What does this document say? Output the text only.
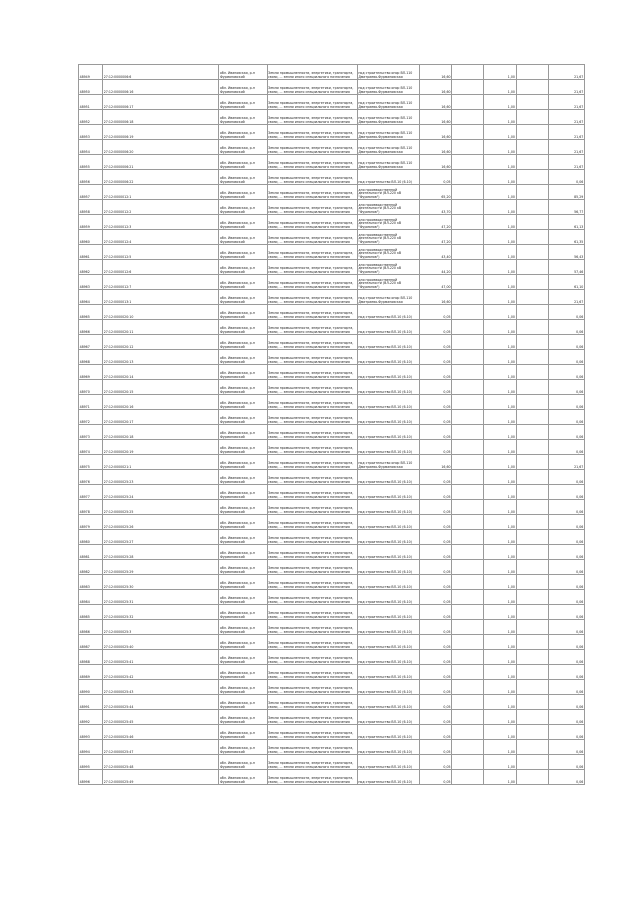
48949	27:12:0000006:6	обл. Ивановская, р-н Фурмановский	Земли промышленности, энергетики, транспорта, связи, ... земли иного специального назначения	под строительство опор ВЛ-110 Дмитриево-Фурмановская	16,60		1,00		21,67
48950	27:12:0000006:16	обл. Ивановская, р-н Фурмановский	Земли промышленности, энергетики, транспорта, связи, ... земли иного специального назначения	под строительство опор ВЛ-110 Дмитриево-Фурмановская	16,60		1,00		21,67
48951	27:12:0000006:17	обл. Ивановская, р-н Фурмановский	Земли промышленности, энергетики, транспорта, связи, ... земли иного специального назначения	под строительство опор ВЛ-110 Дмитриево-Фурмановская	16,60		1,00		21,67
48952	27:12:0000006:18	обл. Ивановская, р-н Фурмановский	Земли промышленности, энергетики, транспорта, связи, ... земли иного специального назначения	под строительство опор ВЛ-110 Дмитриево-Фурмановская	16,60		1,00		21,67
48953	27:12:0000006:19	обл. Ивановская, р-н Фурмановский	Земли промышленности, энергетики, транспорта, связи, ... земли иного специального назначения	под строительство опор ВЛ-110 Дмитриево-Фурмановская	16,60		1,00		21,67
48954	27:12:0000006:20	обл. Ивановская, р-н Фурмановский	Земли промышленности, энергетики, транспорта, связи, ... земли иного специального назначения	под строительство опор ВЛ-110 Дмитриево-Фурмановская	16,60		1,00		21,67
48955	27:12:0000006:21	обл. Ивановская, р-н Фурмановский	Земли промышленности, энергетики, транспорта, связи, ... земли иного специального назначения	под строительство опор ВЛ-110 Дмитриево-Фурмановская	16,60		1,00		21,67
48956	27:12:0000006:22	обл. Ивановская, р-н Фурмановский	Земли промышленности, энергетики, транспорта, связи, ... земли иного специального назначения	под строительство ВЛ-10 (6-10)	0,05		1,00		0,06
48957	27:12:0000012:1	обл. Ивановская, р-н Фурмановский	Земли промышленности, энергетики, транспорта, связи, ... земли иного специального назначения	для производственной деятельности (ВЛ-220 кВ "Фурманов")	65,20		1,00		85,29
48958	27:12:0000012:2	обл. Ивановская, р-н Фурмановский	Земли промышленности, энергетики, транспорта, связи, ... земли иного специального назначения	для производственной деятельности (ВЛ-220 кВ "Фурманов")	43,70		1,00		56,77
48959	27:12:0000012:3	обл. Ивановская, р-н Фурмановский	Земли промышленности, энергетики, транспорта, связи, ... земли иного специального назначения	для производственной деятельности (ВЛ-220 кВ "Фурманов")	47,20		1,00		61,13
48960	27:12:0000012:4	обл. Ивановская, р-н Фурмановский	Земли промышленности, энергетики, транспорта, связи, ... земли иного специального назначения	для производственной деятельности (ВЛ-220 кВ "Фурманов")	47,20		1,00		61,35
48961	27:12:0000012:5	обл. Ивановская, р-н Фурмановский	Земли промышленности, энергетики, транспорта, связи, ... земли иного специального назначения	для производственной деятельности (ВЛ-220 кВ "Фурманов")	43,40		1,00		56,43
48962	27:12:0000012:6	обл. Ивановская, р-н Фурмановский	Земли промышленности, энергетики, транспорта, связи, ... земли иного специального назначения	для производственной деятельности (ВЛ-220 кВ "Фурманов")	44,20		1,00		57,46
48963	27:12:0000012:7	обл. Ивановская, р-н Фурмановский	Земли промышленности, энергетики, транспорта, связи, ... земли иного специального назначения	для производственной деятельности (ВЛ-220 кВ "Фурманов")	47,00		1,00		61,10
48964	27:12:0000013:1	обл. Ивановская, р-н Фурмановский	Земли промышленности, энергетики, транспорта, связи, ... земли иного специального назначения	под строительство опор ВЛ-110 Дмитриево-Фурмановская	16,60		1,00		21,67
48965	27:12:0000020:10	обл. Ивановская, р-н Фурмановский	Земли промышленности, энергетики, транспорта, связи, ... земли иного специального назначения	под строительство ВЛ-10 (6-10)	0,05		1,00		0,06
48966	27:12:0000020:11	обл. Ивановская, р-н Фурмановский	Земли промышленности, энергетики, транспорта, связи, ... земли иного специального назначения	под строительство ВЛ-10 (6-10)	0,05		1,00		0,06
48967	27:12:0000020:12	обл. Ивановская, р-н Фурмановский	Земли промышленности, энергетики, транспорта, связи, ... земли иного специального назначения	под строительство ВЛ-10 (6-10)	0,05		1,00		0,06
48968	27:12:0000020:13	обл. Ивановская, р-н Фурмановский	Земли промышленности, энергетики, транспорта, связи, ... земли иного специального назначения	под строительство ВЛ-10 (6-10)	0,05		1,00		0,06
48969	27:12:0000020:14	обл. Ивановская, р-н Фурмановский	Земли промышленности, энергетики, транспорта, связи, ... земли иного специального назначения	под строительство ВЛ-10 (6-10)	0,05		1,00		0,06
48970	27:12:0000020:15	обл. Ивановская, р-н Фурмановский	Земли промышленности, энергетики, транспорта, связи, ... земли иного специального назначения	под строительство ВЛ-10 (6-10)	0,05		1,00		0,06
48971	27:12:0000020:16	обл. Ивановская, р-н Фурмановский	Земли промышленности, энергетики, транспорта, связи, ... земли иного специального назначения	под строительство ВЛ-10 (6-10)	0,05		1,00		0,06
48972	27:12:0000020:17	обл. Ивановская, р-н Фурмановский	Земли промышленности, энергетики, транспорта, связи, ... земли иного специального назначения	под строительство ВЛ-10 (6-10)	0,05		1,00		0,06
48973	27:12:0000020:18	обл. Ивановская, р-н Фурмановский	Земли промышленности, энергетики, транспорта, связи, ... земли иного специального назначения	под строительство ВЛ-10 (6-10)	0,05		1,00		0,06
48974	27:12:0000020:19	обл. Ивановская, р-н Фурмановский	Земли промышленности, энергетики, транспорта, связи, ... земли иного специального назначения	под строительство ВЛ-10 (6-10)	0,05		1,00		0,06
48975	27:12:0000021:1	обл. Ивановская, р-н Фурмановский	Земли промышленности, энергетики, транспорта, связи, ... земли иного специального назначения	под строительство опор ВЛ-110 Дмитриево-Фурмановская	16,60		1,00		21,67
48976	27:12:0000025:23	обл. Ивановская, р-н Фурмановский	Земли промышленности, энергетики, транспорта, связи, ... земли иного специального назначения	под строительство ВЛ-10 (6-10)	0,05		1,00		0,06
48977	27:12:0000025:24	обл. Ивановская, р-н Фурмановский	Земли промышленности, энергетики, транспорта, связи, ... земли иного специального назначения	под строительство ВЛ-10 (6-10)	0,05		1,00		0,06
48978	27:12:0000025:25	обл. Ивановская, р-н Фурмановский	Земли промышленности, энергетики, транспорта, связи, ... земли иного специального назначения	под строительство ВЛ-10 (6-10)	0,05		1,00		0,06
48979	27:12:0000025:26	обл. Ивановская, р-н Фурмановский	Земли промышленности, энергетики, транспорта, связи, ... земли иного специального назначения	под строительство ВЛ-10 (6-10)	0,05		1,00		0,06
48980	27:12:0000025:27	обл. Ивановская, р-н Фурмановский	Земли промышленности, энергетики, транспорта, связи, ... земли иного специального назначения	под строительство ВЛ-10 (6-10)	0,05		1,00		0,06
48981	27:12:0000025:28	обл. Ивановская, р-н Фурмановский	Земли промышленности, энергетики, транспорта, связи, ... земли иного специального назначения	под строительство ВЛ-10 (6-10)	0,05		1,00		0,06
48982	27:12:0000025:29	обл. Ивановская, р-н Фурмановский	Земли промышленности, энергетики, транспорта, связи, ... земли иного специального назначения	под строительство ВЛ-10 (6-10)	0,05		1,00		0,06
48983	27:12:0000025:30	обл. Ивановская, р-н Фурмановский	Земли промышленности, энергетики, транспорта, связи, ... земли иного специального назначения	под строительство ВЛ-10 (6-10)	0,05		1,00		0,06
48984	27:12:0000025:31	обл. Ивановская, р-н Фурмановский	Земли промышленности, энергетики, транспорта, связи, ... земли иного специального назначения	под строительство ВЛ-10 (6-10)	0,05		1,00		0,06
48985	27:12:0000025:32	обл. Ивановская, р-н Фурмановский	Земли промышленности, энергетики, транспорта, связи, ... земли иного специального назначения	под строительство ВЛ-10 (6-10)	0,05		1,00		0,06
48986	27:12:0000025:3	обл. Ивановская, р-н Фурмановский	Земли промышленности, энергетики, транспорта, связи, ... земли иного специального назначения	под строительство ВЛ-10 (6-10)	0,05		1,00		0,06
48987	27:12:0000025:40	обл. Ивановская, р-н Фурмановский	Земли промышленности, энергетики, транспорта, связи, ... земли иного специального назначения	под строительство ВЛ-10 (6-10)	0,05		1,00		0,06
48988	27:12:0000025:41	обл. Ивановская, р-н Фурмановский	Земли промышленности, энергетики, транспорта, связи, ... земли иного специального назначения	под строительство ВЛ-10 (6-10)	0,05		1,00		0,06
48989	27:12:0000025:42	обл. Ивановская, р-н Фурмановский	Земли промышленности, энергетики, транспорта, связи, ... земли иного специального назначения	под строительство ВЛ-10 (6-10)	0,05		1,00		0,06
48990	27:12:0000025:43	обл. Ивановская, р-н Фурмановский	Земли промышленности, энергетики, транспорта, связи, ... земли иного специального назначения	под строительство ВЛ-10 (6-10)	0,05		1,00		0,06
48991	27:12:0000025:44	обл. Ивановская, р-н Фурмановский	Земли промышленности, энергетики, транспорта, связи, ... земли иного специального назначения	под строительство ВЛ-10 (6-10)	0,05		1,00		0,06
48992	27:12:0000025:45	обл. Ивановская, р-н Фурмановский	Земли промышленности, энергетики, транспорта, связи, ... земли иного специального назначения	под строительство ВЛ-10 (6-10)	0,05		1,00		0,06
48993	27:12:0000025:46	обл. Ивановская, р-н Фурмановский	Земли промышленности, энергетики, транспорта, связи, ... земли иного специального назначения	под строительство ВЛ-10 (6-10)	0,05		1,00		0,06
48994	27:12:0000025:47	обл. Ивановская, р-н Фурмановский	Земли промышленности, энергетики, транспорта, связи, ... земли иного специального назначения	под строительство ВЛ-10 (6-10)	0,05		1,00		0,06
48995	27:12:0000025:48	обл. Ивановская, р-н Фурмановский	Земли промышленности, энергетики, транспорта, связи, ... земли иного специального назначения	под строительство ВЛ-10 (6-10)	0,05		1,00		0,06
48996	27:12:0000025:49	обл. Ивановская, р-н Фурмановский	Земли промышленности, энергетики, транспорта, связи, ... земли иного специального назначения	под строительство ВЛ-10 (6-10)	0,05		1,00		0,06
